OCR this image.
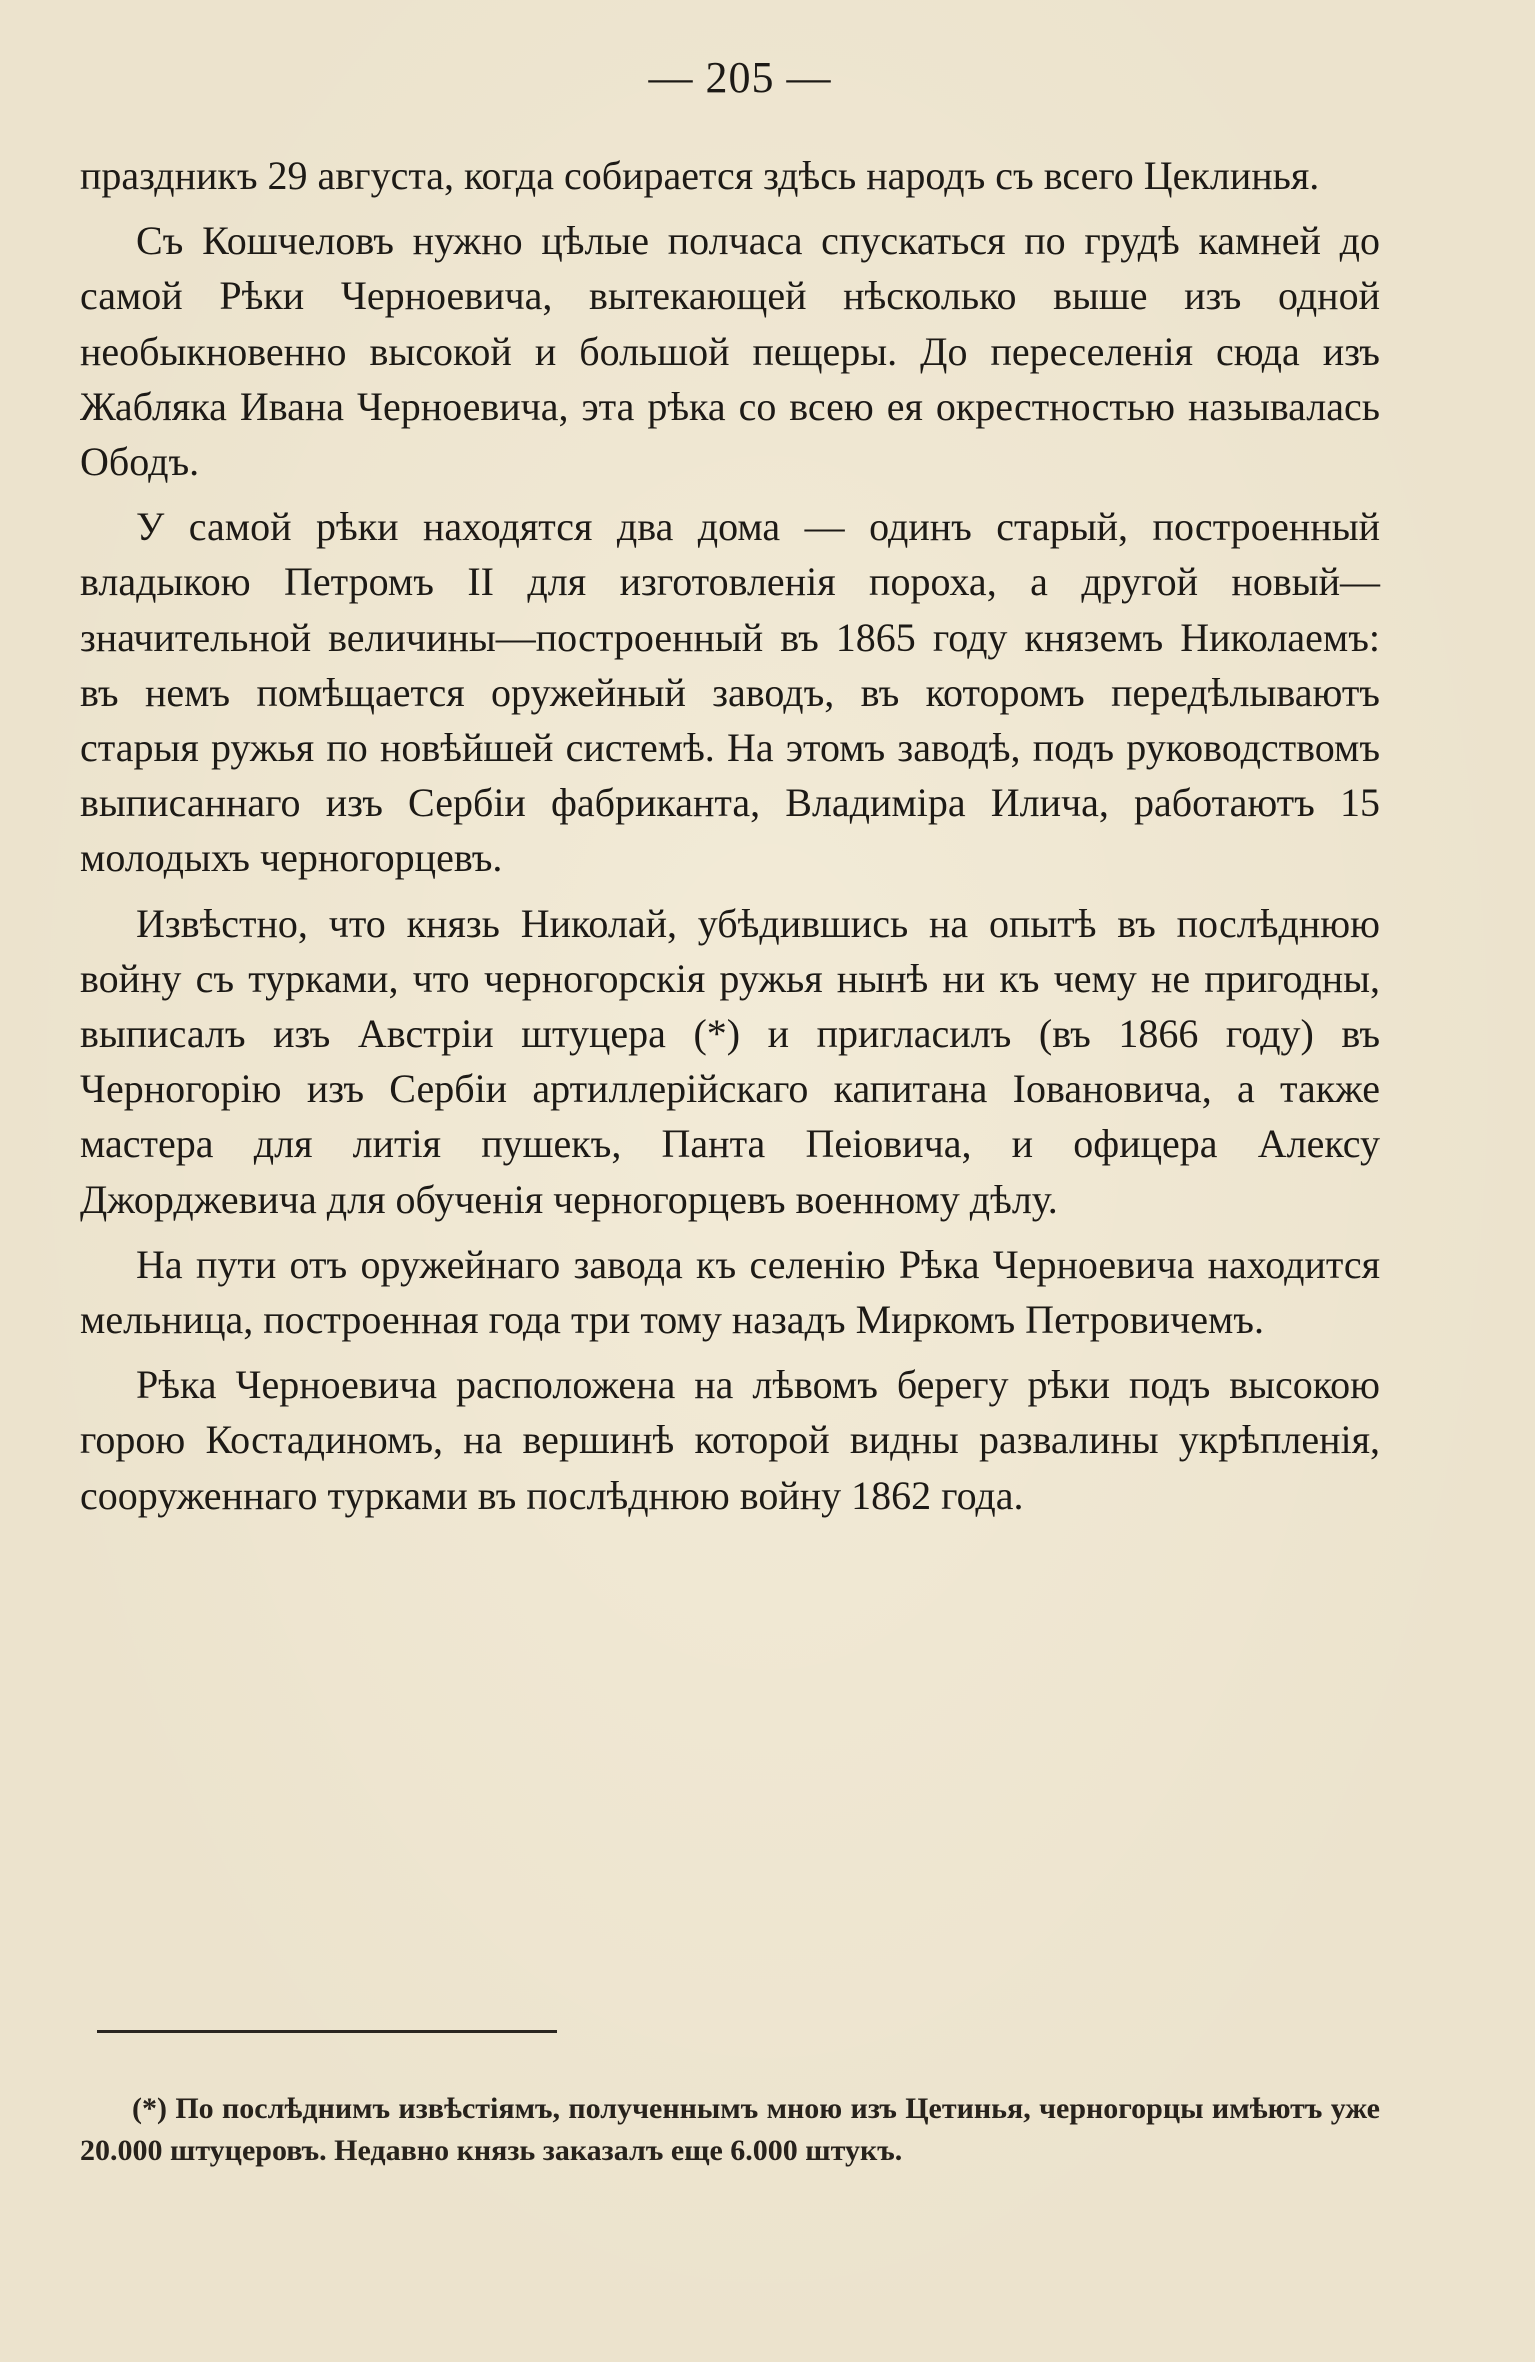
— 205 —

праздникъ 29 августа, когда собирается здѣсь народъ съ всего Цеклинья.

Съ Кошчеловъ нужно цѣлые полчаса спускаться по грудѣ камней до самой Рѣки Черноевича, вытекающей нѣсколько выше изъ одной необыкновенно высокой и большой пещеры. До переселенія сюда изъ Жабляка Ивана Черноевича, эта рѣка со всею ея окрестностью называлась Ободъ.

У самой рѣки находятся два дома — одинъ старый, построенный владыкою Петромъ II для изготовленія пороха, а другой новый—значительной величины—построенный въ 1865 году княземъ Николаемъ: въ немъ помѣщается оружейный заводъ, въ которомъ передѣлываютъ старыя ружья по новѣйшей системѣ. На этомъ заводѣ, подъ руководствомъ выписаннаго изъ Сербіи фабриканта, Владиміра Илича, работаютъ 15 молодыхъ черногорцевъ.

Извѣстно, что князь Николай, убѣдившись на опытѣ въ послѣднюю войну съ турками, что черногорскія ружья нынѣ ни къ чему не пригодны, выписалъ изъ Австріи штуцера (*) и пригласилъ (въ 1866 году) въ Черногорію изъ Сербіи артиллерійскаго капитана Іовановича, а также мастера для литія пушекъ, Панта Пеіовича, и офицера Алексу Джорджевича для обученія черногорцевъ военному дѣлу.

На пути отъ оружейнаго завода къ селенію Рѣка Черноевича находится мельница, построенная года три тому назадъ Миркомъ Петровичемъ.

Рѣка Черноевича расположена на лѣвомъ берегу рѣки подъ высокою горою Костадиномъ, на вершинѣ которой видны развалины укрѣпленія, сооруженнаго турками въ послѣднюю войну 1862 года.

(*) По послѣднимъ извѣстіямъ, полученнымъ мною изъ Цетинья, черногорцы имѣютъ уже 20.000 штуцеровъ. Недавно князь заказалъ еще 6.000 штукъ.
